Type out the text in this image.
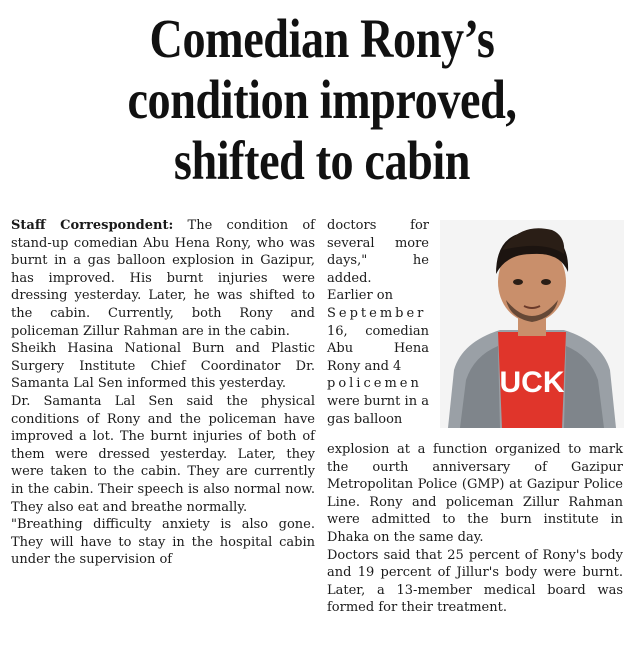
Comedian Rony’s
condition improved,
shifted to cabin

Staff Correspondent: The condition of stand-up comedian Abu Hena Rony, who was burnt in a gas balloon explosion in Gazipur, has improved. His burnt injuries were dressing yesterday. Later, he was shifted to the cabin. Currently, both Rony and policeman Zillur Rahman are in the cabin.

Sheikh Hasina National Burn and Plastic Surgery Institute Chief Coordinator Dr. Samanta Lal Sen informed this yesterday.

Dr. Samanta Lal Sen said the physical conditions of Rony and the policeman have improved a lot. The burnt injuries of both of them were dressed yesterday. Later, they were taken to the cabin. They are currently in the cabin. Their speech is also normal now. They also eat and breathe normally.

"Breathing difficulty anxiety is also gone. They will have to stay in the hospital cabin under the supervision of

doctors for several more days," he added.

Earlier on

September

16, comedian Abu Hena Rony and 4

policemen

were burnt in a gas balloon

UCK

explosion at a function organized to mark the ourth anniversary of Gazipur Metropolitan Police (GMP) at Gazipur Police Line. Rony and policeman Zillur Rahman were admitted to the burn institute in Dhaka on the same day.

Doctors said that 25 percent of Rony's body and 19 percent of Jillur's body were burnt. Later, a 13-member medical board was formed for their treatment.
